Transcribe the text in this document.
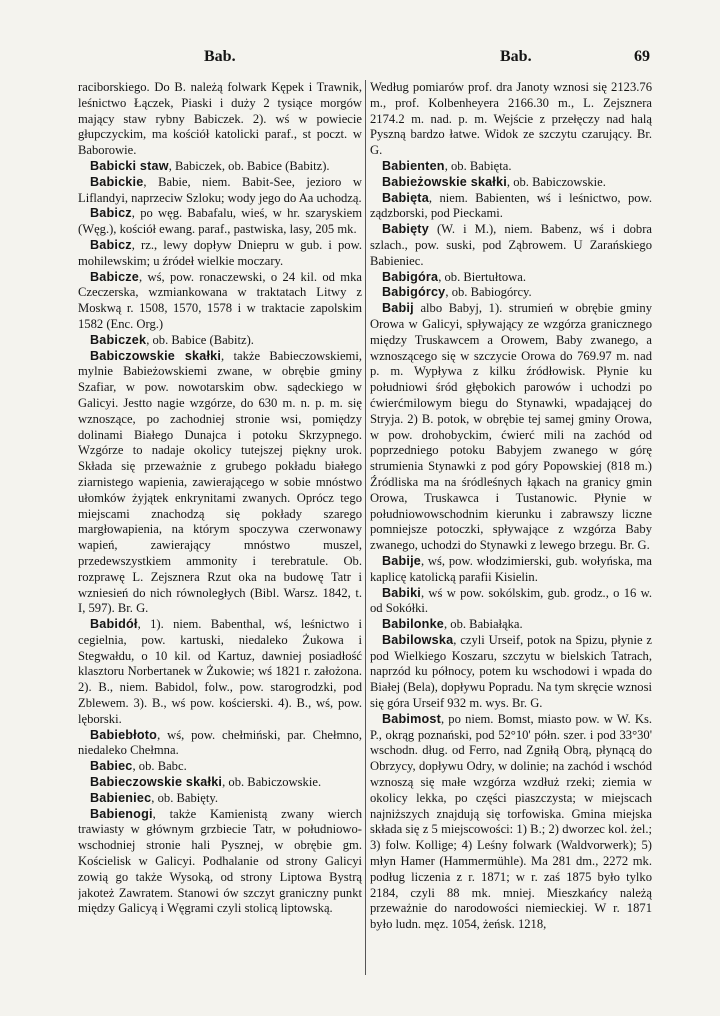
Bab.	Bab.	69

raciborskiego. Do B. należą folwark Kępek i Trawnik, leśnictwo Łączek, Piaski i duży 2 tysiące morgów mający staw rybny Babiczek. 2). wś w powiecie głupczyckim, ma kościół katolicki paraf., st poczt. w Baborowie.

Babicki staw, Babiczek, ob. Babice (Babitz).

Babickie, Babie, niem. Babit-See, jezioro w Liflandyi, naprzeciw Szloku; wody jego do Aa uchodzą.

Babicz, po węg. Babafalu, wieś, w hr. szaryskiem (Węg.), kościół ewang. paraf., pastwiska, lasy, 205 mk.

Babicz, rz., lewy dopływ Dniepru w gub. i pow. mohilewskim; u źródeł wielkie moczary.

Babicze, wś, pow. ronaczewski, o 24 kil. od mka Czeczerska, wzmiankowana w traktatach Litwy z Moskwą r. 1508, 1570, 1578 i w traktacie zapolskim 1582 (Enc. Org.)

Babiczek, ob. Babice (Babitz).

Babiczowskie skałki, także Babieczowskiemi, mylnie Babieżowskiemi zwane, w obrębie gminy Szafiar, w pow. nowotarskim obw. sądeckiego w Galicyi. Jestto nagie wzgórze, do 630 m. n. p. m. się wznoszące, po zachodniej stronie wsi, pomiędzy dolinami Białego Dunajca i potoku Skrzypnego. Wzgórze to nadaje okolicy tutejszej piękny urok. Składa się przeważnie z grubego pokładu białego ziarnistego wapienia, zawierającego w sobie mnóstwo ułomków żyjątek enkrynitami zwanych. Oprócz tego miejscami znachodzą się pokłady szarego margłowapienia, na którym spoczywa czerwonawy wapień, zawierający mnóstwo muszel, przedewszystkiem ammonity i terebratule. Ob. rozprawę L. Zejsznera Rzut oka na budowę Tatr i wzniesień do nich równoległych (Bibl. Warsz. 1842, t. I, 597). Br. G.

Babidół, 1). niem. Babenthal, wś, leśnictwo i cegielnia, pow. kartuski, niedaleko Żukowa i Stegwałdu, o 10 kil. od Kartuz, dawniej posiadłość klasztoru Norbertanek w Żukowie; wś 1821 r. założona. 2). B., niem. Babidol, folw., pow. starogrodzki, pod Zblewem. 3). B., wś pow. kościerski. 4). B., wś, pow. lęborski.

Babiebłoto, wś, pow. chełmiński, par. Chełmno, niedaleko Chełmna.

Babiec, ob. Babc.

Babieczowskie skałki, ob. Babiczowskie.

Babieniec, ob. Babięty.

Babienogi, także Kamienistą zwany wierch trawiasty w głównym grzbiecie Tatr, w południowo-wschodniej stronie hali Pysznej, w obrębie gm. Kościelisk w Galicyi. Podhalanie od strony Galicyi zowią go także Wysoką, od strony Liptowa Bystrą jakoteż Zawratem. Stanowi ów szczyt graniczny punkt między Galicyą i Węgrami czyli stolicą liptowską.

Według pomiarów prof. dra Janoty wznosi się 2123.76 m., prof. Kolbenheyera 2166.30 m., L. Zejsznera 2174.2 m. nad. p. m. Wejście z przełęczy nad halą Pyszną bardzo łatwe. Widok ze szczytu czarujący. Br. G.

Babienten, ob. Babięta.

Babieżowskie skałki, ob. Babiczowskie.

Babięta, niem. Babienten, wś i leśnictwo, pow. ządzborski, pod Pieckami.

Babięty (W. i M.), niem. Babenz, wś i dobra szlach., pow. suski, pod Ząbrowem. U Zarańskiego Babieniec.

Babigóra, ob. Biertułtowa.

Babigórcy, ob. Babiogórcy.

Babij albo Babyj, 1). strumień w obrębie gminy Orowa w Galicyi, spływający ze wzgórza granicznego między Truskawcem a Orowem, Baby zwanego, a wznoszącego się w szczycie Orowa do 769.97 m. nad p. m. Wypływa z kilku źródłowisk. Płynie ku południowi śród głębokich parowów i uchodzi po ćwierćmilowym biegu do Stynawki, wpadającej do Stryja. 2) B. potok, w obrębie tej samej gminy Orowa, w pow. drohobyckim, ćwierć mili na zachód od poprzedniego potoku Babyjem zwanego w górę strumienia Stynawki z pod góry Popowskiej (818 m.) Źródliska ma na śródleśnych łąkach na granicy gmin Orowa, Truskawca i Tustanowic. Płynie w południowowschodnim kierunku i zabrawszy liczne pomniejsze potoczki, spływające z wzgórza Baby zwanego, uchodzi do Stynawki z lewego brzegu. Br. G.

Babije, wś, pow. włodzimierski, gub. wołyńska, ma kaplicę katolicką parafii Kisielin.

Babiki, wś w pow. sokólskim, gub. grodz., o 16 w. od Sokółki.

Babilonke, ob. Babiałąka.

Babilowska, czyli Urseif, potok na Spizu, płynie z pod Wielkiego Koszaru, szczytu w bielskich Tatrach, naprzód ku północy, potem ku wschodowi i wpada do Białej (Bela), dopływu Popradu. Na tym skręcie wznosi się góra Urseif 932 m. wys. Br. G.

Babimost, po niem. Bomst, miasto pow. w W. Ks. P., okrąg poznański, pod 52°10' półn. szer. i pod 33°30' wschodn. dług. od Ferro, nad Zgniłą Obrą, płynącą do Obrzycy, dopływu Odry, w dolinie; na zachód i wschód wznoszą się małe wzgórza wzdłuż rzeki; ziemia w okolicy lekka, po części piaszczysta; w miejscach najniższych znajdują się torfowiska. Gmina miejska składa się z 5 miejscowości: 1) B.; 2) dworzec kol. żel.; 3) folw. Kollige; 4) Leśny folwark (Waldvorwerk); 5) młyn Hamer (Hammermühle). Ma 281 dm., 2272 mk. podług liczenia z r. 1871; w r. zaś 1875 było tylko 2184, czyli 88 mk. mniej. Mieszkańcy należą przeważnie do narodowości niemieckiej. W r. 1871 było ludn. męz. 1054, żeńsk. 1218,
